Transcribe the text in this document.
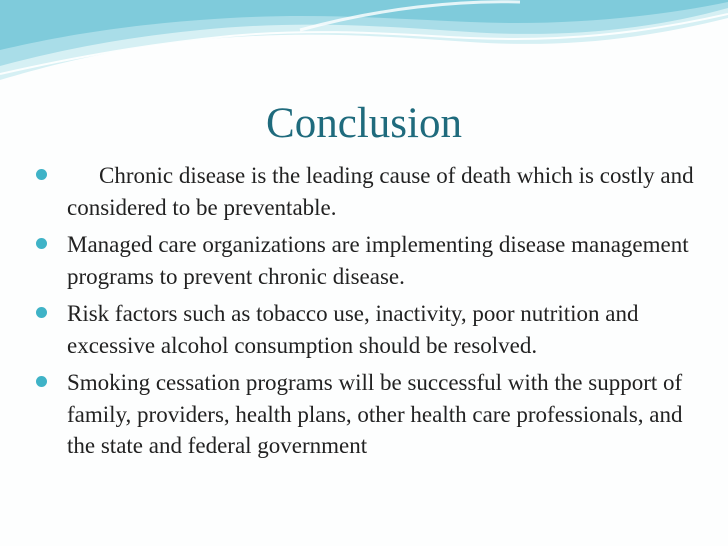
Conclusion
Chronic disease is the leading cause of death which is costly and considered to be preventable.
Managed care organizations are implementing disease management programs to prevent chronic disease.
Risk factors such as tobacco use, inactivity, poor nutrition and excessive alcohol consumption should be resolved.
Smoking cessation programs will be successful with the support of family, providers, health plans, other health care professionals, and the state and federal government
